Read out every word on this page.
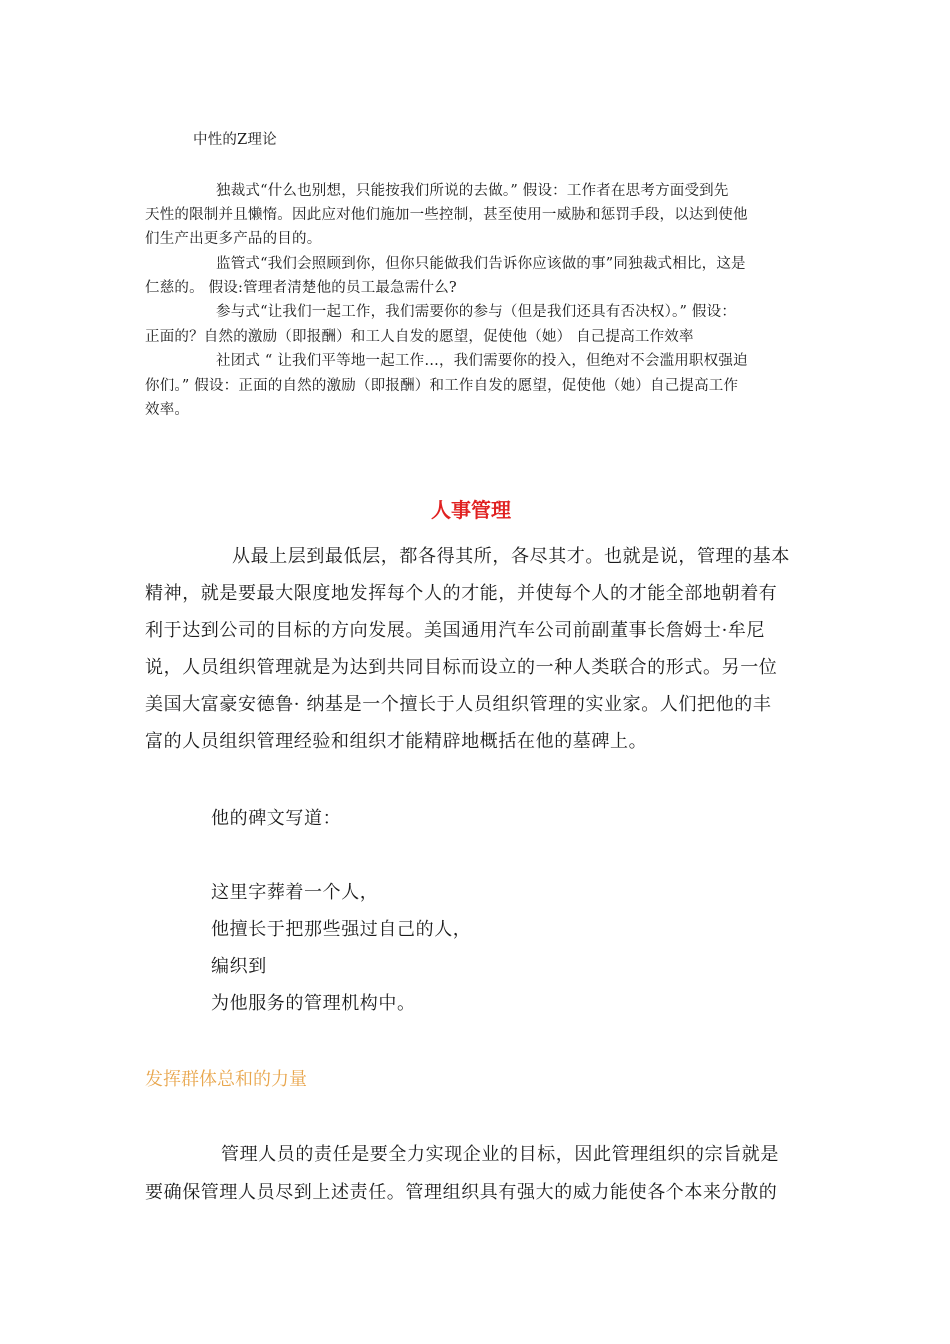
中性的Z理论
独裁式“什么也别想，只能按我们所说的去做。” 假设：工作者在思考方面受到先
天性的限制并且懒惰。因此应对他们施加一些控制，甚至使用一威胁和惩罚手段，以达到使他
们生产出更多产品的目的。
监管式“我们会照顾到你，但你只能做我们告诉你应该做的事”同独裁式相比，这是
仁慈的。 假设:管理者清楚他的员工最急需什么?
参与式“让我们一起工作，我们需要你的参与（但是我们还具有否决权）。” 假设：
正面的？自然的激励（即报酬）和工人自发的愿望，促使他（她） 自己提高工作效率
社团式 “ 让我们平等地一起工作…，我们需要你的投入，但绝对不会滥用职权强迫
你们。” 假设：正面的自然的激励（即报酬）和工作自发的愿望，促使他（她）自己提高工作
效率。
人事管理
从最上层到最低层，都各得其所，各尽其才。也就是说，管理的基本
精神，就是要最大限度地发挥每个人的才能，并使每个人的才能全部地朝着有
利于达到公司的目标的方向发展。美国通用汽车公司前副董事长詹姆士·牟尼
说，人员组织管理就是为达到共同目标而设立的一种人类联合的形式。另一位
美国大富豪安德鲁· 纳基是一个擅长于人员组织管理的实业家。人们把他的丰
富的人员组织管理经验和组织才能精辟地概括在他的墓碑上。
他的碑文写道：
这里字葬着一个人，
他擅长于把那些强过自己的人，
编织到
为他服务的管理机构中。
发挥群体总和的力量
管理人员的责任是要全力实现企业的目标，因此管理组织的宗旨就是
要确保管理人员尽到上述责任。管理组织具有强大的威力能使各个本来分散的
